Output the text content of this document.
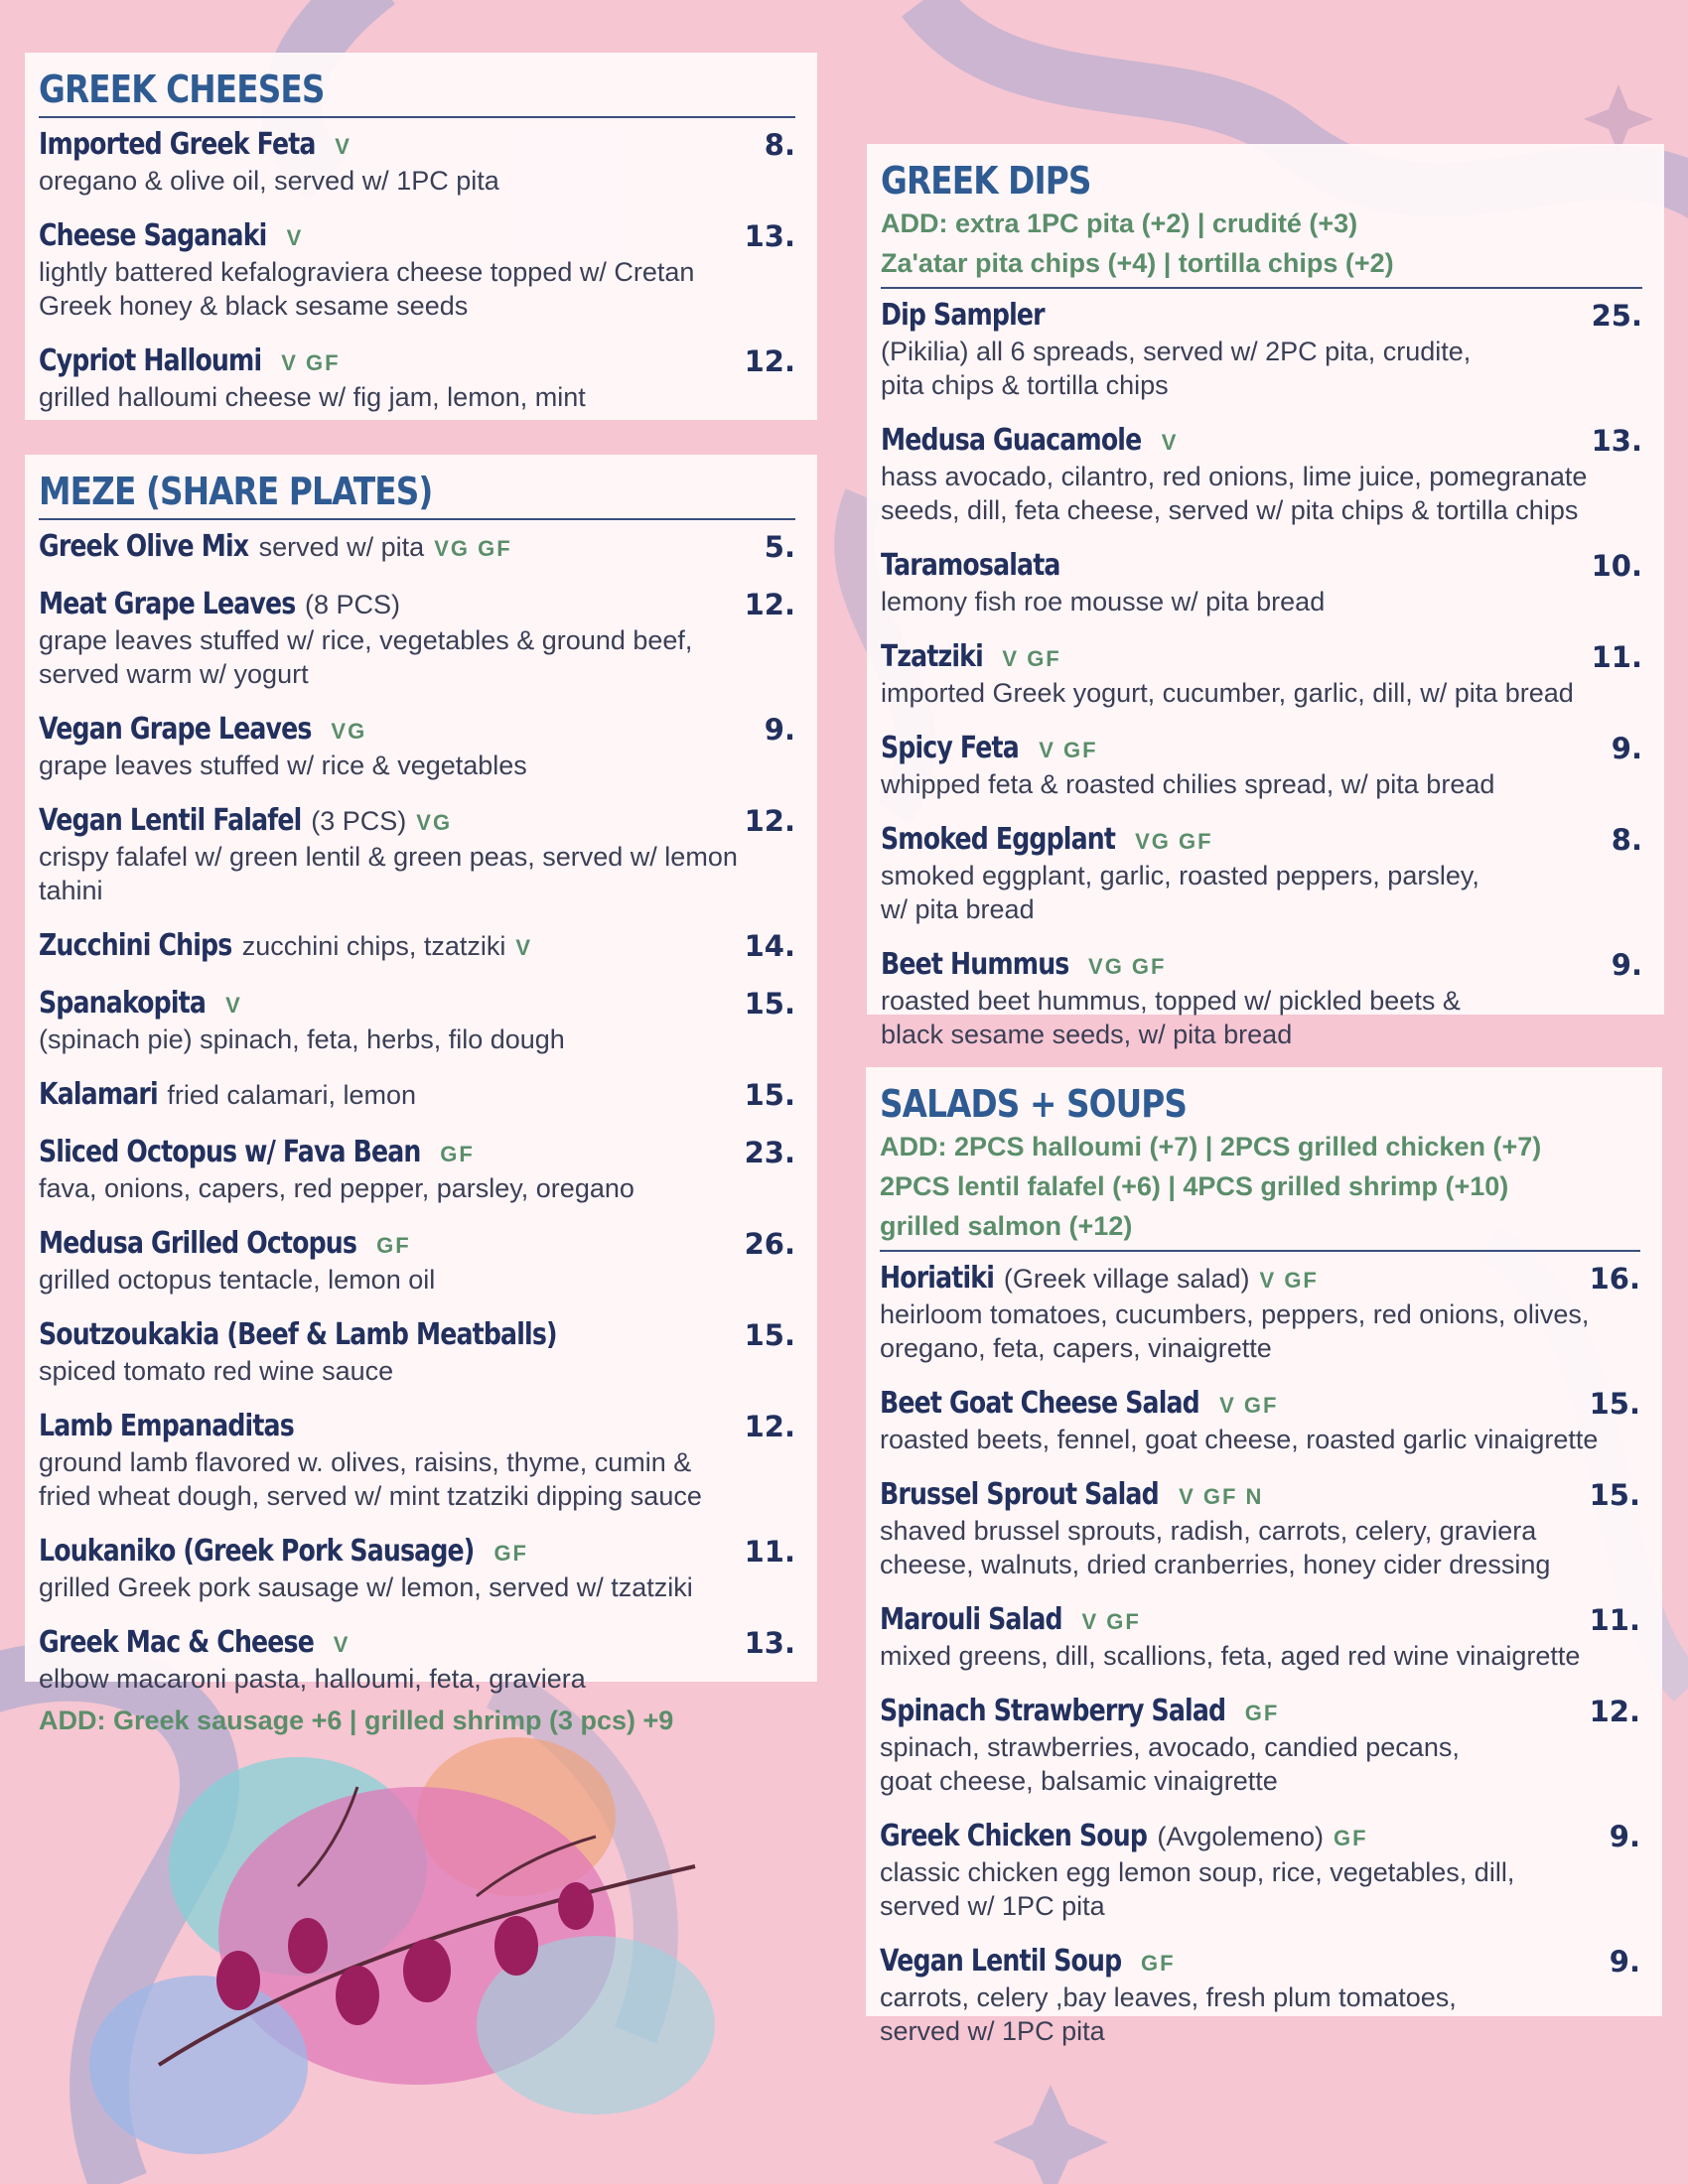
GREEK CHEESES
Imported Greek Feta V	8.
oregano & olive oil, served w/ 1PC pita
Cheese Saganaki V	13.
lightly battered kefalograviera cheese topped w/ Cretan
Greek honey & black sesame seeds
Cypriot Halloumi V GF	12.
grilled halloumi cheese w/ fig jam, lemon, mint
MEZE (SHARE PLATES)
Greek Olive Mix served w/ pita VG GF	5.
Meat Grape Leaves (8 PCS)	12.
grape leaves stuffed w/ rice, vegetables & ground beef,
served warm w/ yogurt
Vegan Grape Leaves VG	9.
grape leaves stuffed w/ rice & vegetables
Vegan Lentil Falafel (3 PCS) VG	12.
crispy falafel w/ green lentil & green peas, served w/ lemon
tahini
Zucchini Chips zucchini chips, tzatziki V	14.
Spanakopita V	15.
(spinach pie) spinach, feta, herbs, filo dough
Kalamari fried calamari, lemon	15.
Sliced Octopus w/ Fava Bean GF	23.
fava, onions, capers, red pepper, parsley, oregano
Medusa Grilled Octopus GF	26.
grilled octopus tentacle, lemon oil
Soutzoukakia (Beef & Lamb Meatballs)	15.
spiced tomato red wine sauce
Lamb Empanaditas	12.
ground lamb flavored w. olives, raisins, thyme, cumin &
fried wheat dough, served w/ mint tzatziki dipping sauce
Loukaniko (Greek Pork Sausage) GF	11.
grilled Greek pork sausage w/ lemon, served w/ tzatziki
Greek Mac & Cheese V	13.
elbow macaroni pasta, halloumi, feta, graviera
ADD: Greek sausage +6 | grilled shrimp (3 pcs) +9
GREEK DIPS

ADD: extra 1PC pita (+2) | crudité (+3)

Za'atar pita chips (+4) | tortilla chips (+2)

Dip Sampler	25.
(Pikilia) all 6 spreads, served w/ 2PC pita, crudite,
pita chips & tortilla chips
Medusa Guacamole V	13.
hass avocado, cilantro, red onions, lime juice, pomegranate
seeds, dill, feta cheese, served w/ pita chips & tortilla chips
Taramosalata	10.
lemony fish roe mousse w/ pita bread
Tzatziki V GF	11.
imported Greek yogurt, cucumber, garlic, dill, w/ pita bread
Spicy Feta V GF	9.
whipped feta & roasted chilies spread, w/ pita bread
Smoked Eggplant VG GF	8.
smoked eggplant, garlic, roasted peppers, parsley,
w/ pita bread
Beet Hummus VG GF	9.
roasted beet hummus, topped w/ pickled beets &
black sesame seeds, w/ pita bread
SALADS + SOUPS

ADD: 2PCS halloumi (+7) | 2PCS grilled chicken (+7)

2PCS lentil falafel (+6) | 4PCS grilled shrimp (+10)

grilled salmon (+12)

Horiatiki (Greek village salad) V GF	16.
heirloom tomatoes, cucumbers, peppers, red onions, olives,
oregano, feta, capers, vinaigrette
Beet Goat Cheese Salad V GF	15.
roasted beets, fennel, goat cheese, roasted garlic vinaigrette
Brussel Sprout Salad V GF N	15.
shaved brussel sprouts, radish, carrots, celery, graviera
cheese, walnuts, dried cranberries, honey cider dressing
Marouli Salad V GF	11.
mixed greens, dill, scallions, feta, aged red wine vinaigrette
Spinach Strawberry Salad GF	12.
spinach, strawberries, avocado, candied pecans,
goat cheese, balsamic vinaigrette
Greek Chicken Soup (Avgolemeno) GF	9.
classic chicken egg lemon soup, rice, vegetables, dill,
served w/ 1PC pita
Vegan Lentil Soup GF	9.
carrots, celery ,bay leaves, fresh plum tomatoes,
served w/ 1PC pita
